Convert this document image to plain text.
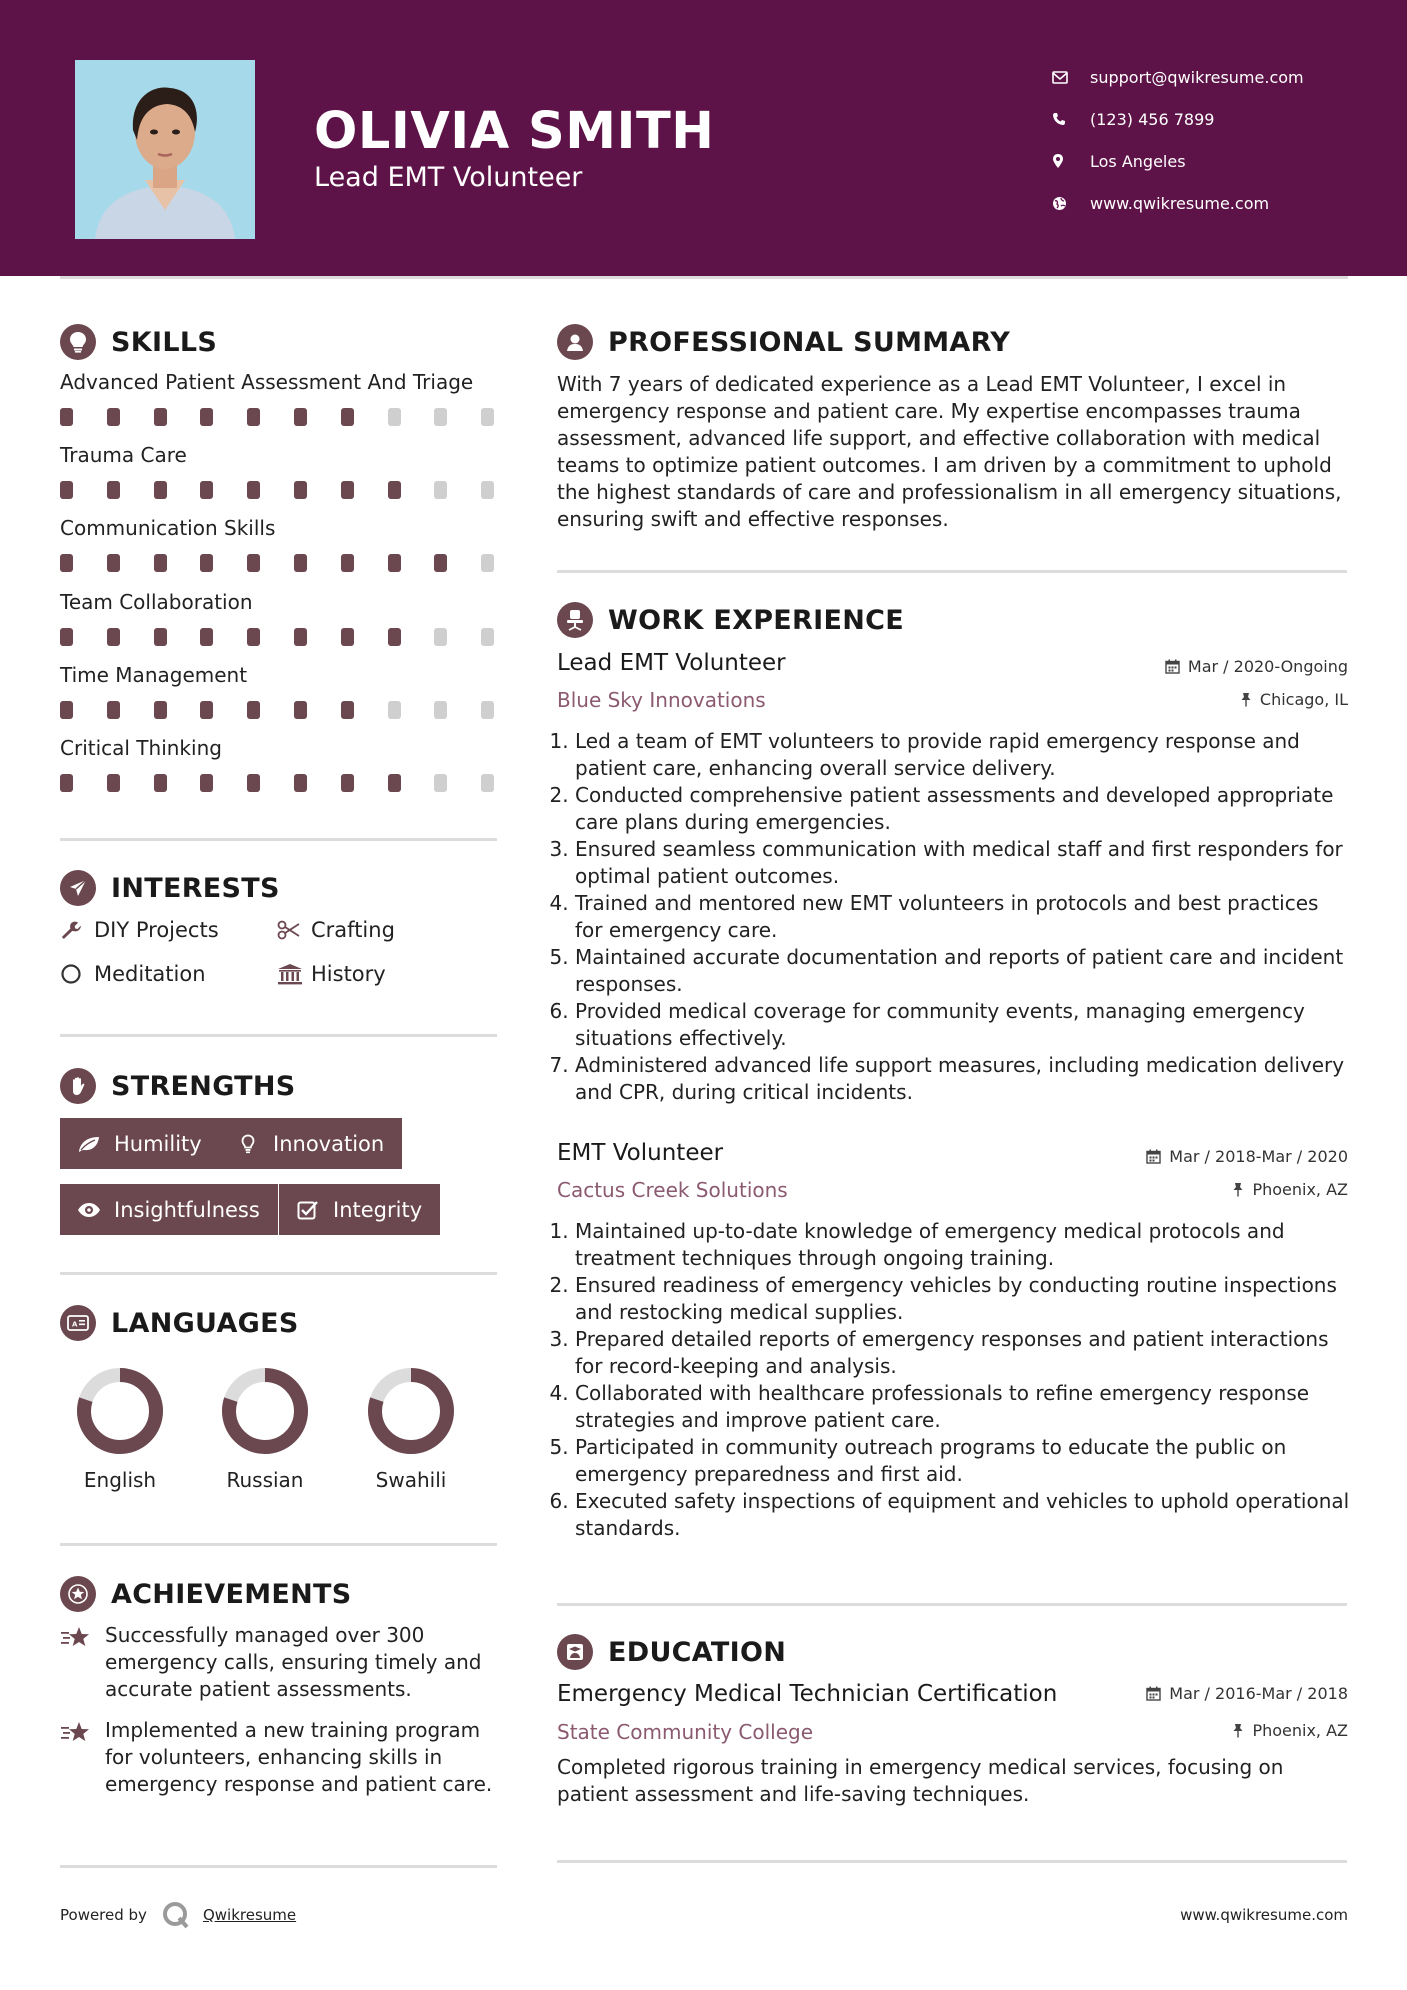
OLIVIA SMITH
Lead EMT Volunteer
support@qwikresume.com
(123) 456 7899
Los Angeles
www.qwikresume.com
SKILLS
Advanced Patient Assessment And Triage
Trauma Care
Communication Skills
Team Collaboration
Time Management
Critical Thinking
INTERESTS
DIY Projects	Crafting
Meditation	History
STRENGTHS
Humility	Innovation
Insightfulness	Integrity
A LANGUAGES
English	Russian	Swahili
ACHIEVEMENTS
Successfully managed over 300 emergency calls, ensuring timely and accurate patient assessments.
Implemented a new training program for volunteers, enhancing skills in emergency response and patient care.
PROFESSIONAL SUMMARY
With 7 years of dedicated experience as a Lead EMT Volunteer, I excel in emergency response and patient care. My expertise encompasses trauma assessment, advanced life support, and effective collaboration with medical teams to optimize patient outcomes. I am driven by a commitment to uphold the highest standards of care and professionalism in all emergency situations, ensuring swift and effective responses.
WORK EXPERIENCE
Lead EMT Volunteer	Mar / 2020-Ongoing
Blue Sky Innovations	Chicago, IL
1. Led a team of EMT volunteers to provide rapid emergency response and patient care, enhancing overall service delivery.
2. Conducted comprehensive patient assessments and developed appropriate care plans during emergencies.
3. Ensured seamless communication with medical staff and first responders for optimal patient outcomes.
4. Trained and mentored new EMT volunteers in protocols and best practices for emergency care.
5. Maintained accurate documentation and reports of patient care and incident responses.
6. Provided medical coverage for community events, managing emergency situations effectively.
7. Administered advanced life support measures, including medication delivery and CPR, during critical incidents.
EMT Volunteer	Mar / 2018-Mar / 2020
Cactus Creek Solutions	Phoenix, AZ
1. Maintained up-to-date knowledge of emergency medical protocols and treatment techniques through ongoing training.
2. Ensured readiness of emergency vehicles by conducting routine inspections and restocking medical supplies.
3. Prepared detailed reports of emergency responses and patient interactions for record-keeping and analysis.
4. Collaborated with healthcare professionals to refine emergency response strategies and improve patient care.
5. Participated in community outreach programs to educate the public on emergency preparedness and first aid.
6. Executed safety inspections of equipment and vehicles to uphold operational standards.
EDUCATION
Emergency Medical Technician Certification	Mar / 2016-Mar / 2018
State Community College	Phoenix, AZ
Completed rigorous training in emergency medical services, focusing on patient assessment and life-saving techniques.
Powered by	Qwikresume	www.qwikresume.com
